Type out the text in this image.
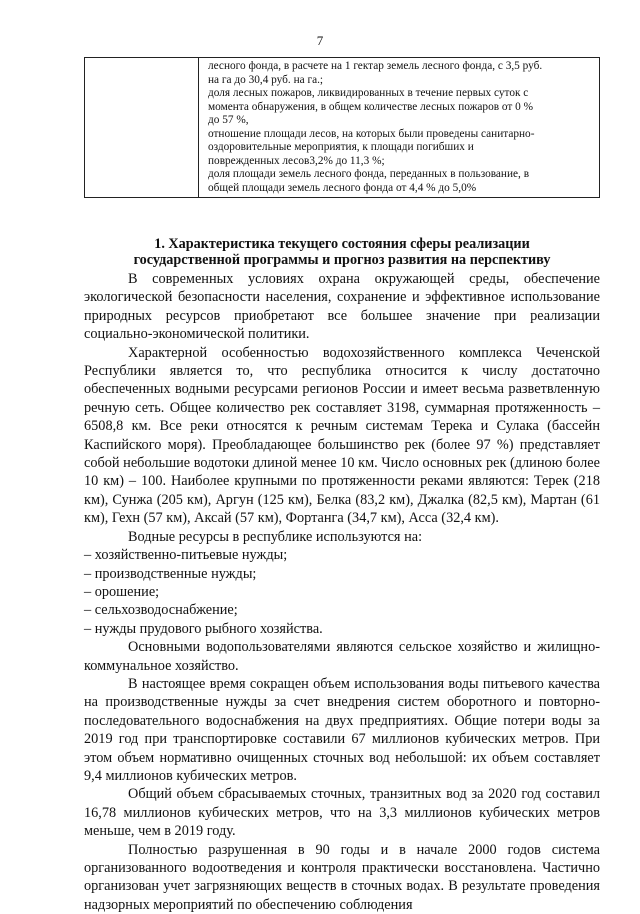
7

лесного фонда, в расчете на 1 гектар земель лесного фонда, с 3,5 руб.
на га до 30,4 руб. на га.;
доля лесных пожаров, ликвидированных в течение первых суток с
момента обнаружения, в общем количестве лесных пожаров от 0 %
до 57 %,
отношение площади лесов, на которых были проведены санитарно-
оздоровительные мероприятия, к площади погибших и
поврежденных лесов3,2% до 11,3 %;
доля площади земель лесного фонда, переданных в пользование, в
общей площади земель лесного фонда от 4,4 % до 5,0%
1. Характеристика текущего состояния сферы реализации
государственной программы и прогноз развития на перспективу

В современных условиях охрана окружающей среды, обеспечение экологической безопасности населения, сохранение и эффективное использование природных ресурсов приобретают все большее значение при реализации социально-экономической политики.

Характерной особенностью водохозяйственного комплекса Чеченской Республики является то, что республика относится к числу достаточно обеспеченных водными ресурсами регионов России и имеет весьма разветвленную речную сеть. Общее количество рек составляет 3198, суммарная протяженность – 6508,8 км. Все реки относятся к речным системам Терека и Сулака (бассейн Каспийского моря). Преобладающее большинство рек (более 97 %) представляет собой небольшие водотоки длиной менее 10 км. Число основных рек (длиною более 10 км) – 100. Наиболее крупными по протяженности реками являются: Терек (218 км), Сунжа (205 км), Аргун (125 км), Белка (83,2 км), Джалка (82,5 км), Мартан (61 км), Гехн (57 км), Аксай (57 км), Фортанга (34,7 км), Асса (32,4 км).

Водные ресурсы в республике используются на:

– хозяйственно-питьевые нужды;
– производственные нужды;
– орошение;
– сельхозводоснабжение;
– нужды прудового рыбного хозяйства.

Основными водопользователями являются сельское хозяйство и жилищно-коммунальное хозяйство.

В настоящее время сокращен объем использования воды питьевого качества на производственные нужды за счет внедрения систем оборотного и повторно-последовательного водоснабжения на двух предприятиях. Общие потери воды за 2019 год при транспортировке составили 67 миллионов кубических метров. При этом объем нормативно очищенных сточных вод небольшой: их объем составляет 9,4 миллионов кубических метров.

Общий объем сбрасываемых сточных, транзитных вод за 2020 год составил 16,78 миллионов кубических метров, что на 3,3 миллионов кубических метров меньше, чем в 2019 году.

Полностью разрушенная в 90 годы и в начале 2000 годов система организованного водоотведения и контроля практически восстановлена. Частично организован учет загрязняющих веществ в сточных водах. В результате проведения надзорных мероприятий по обеспечению соблюдения
